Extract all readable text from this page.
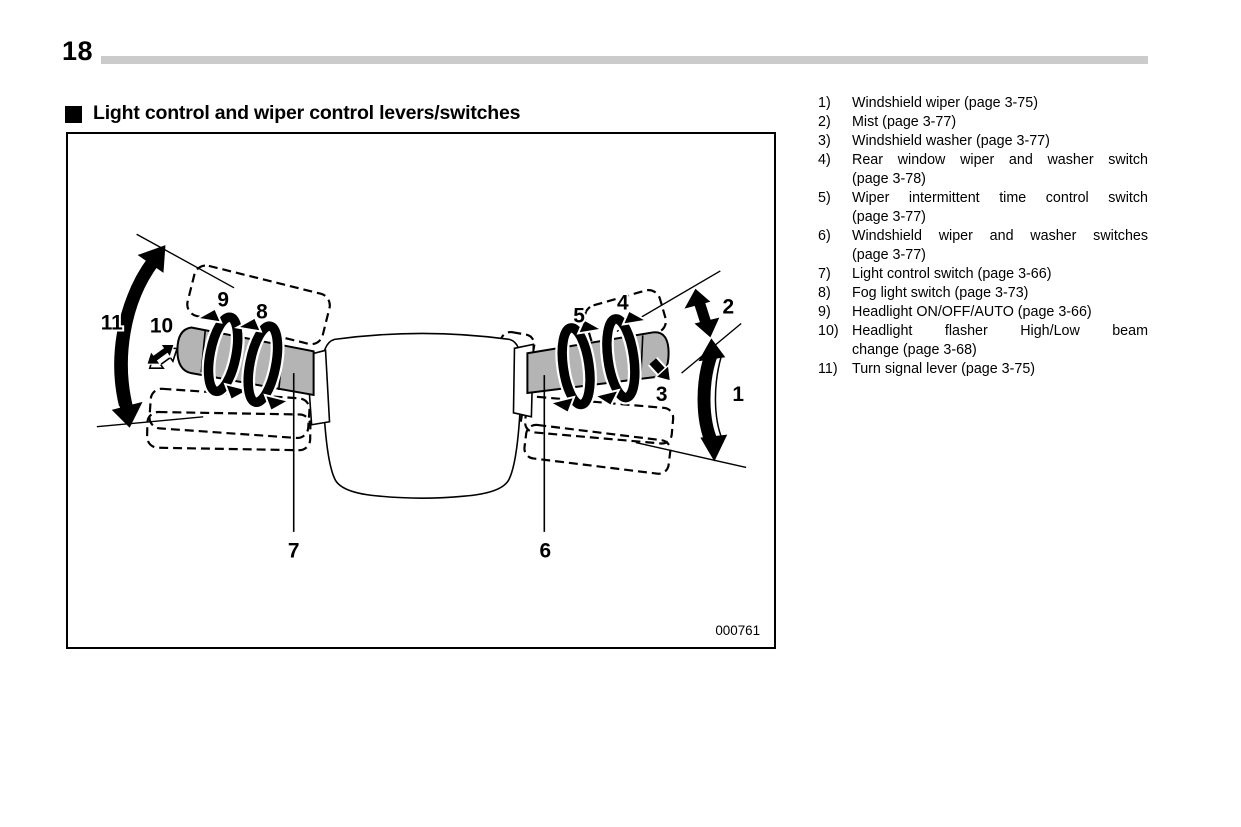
18
Light control and wiper control levers/switches
11 10
9
8
7	6
5
4
3
2
1
000761
1)	Windshield wiper (page 3-75)
2)	Mist (page 3-77)
3)	Windshield washer (page 3-77)
4)	Rear window wiper and washer switch
(page 3-78)
5)	Wiper intermittent time control switch
(page 3-77)
6)	Windshield wiper and washer switches
(page 3-77)
7)	Light control switch (page 3-66)
8)	Fog light switch (page 3-73)
9)	Headlight ON/OFF/AUTO (page 3-66)
10) Headlight flasher High/Low beam
change (page 3-68)
11)	Turn signal lever (page 3-75)
